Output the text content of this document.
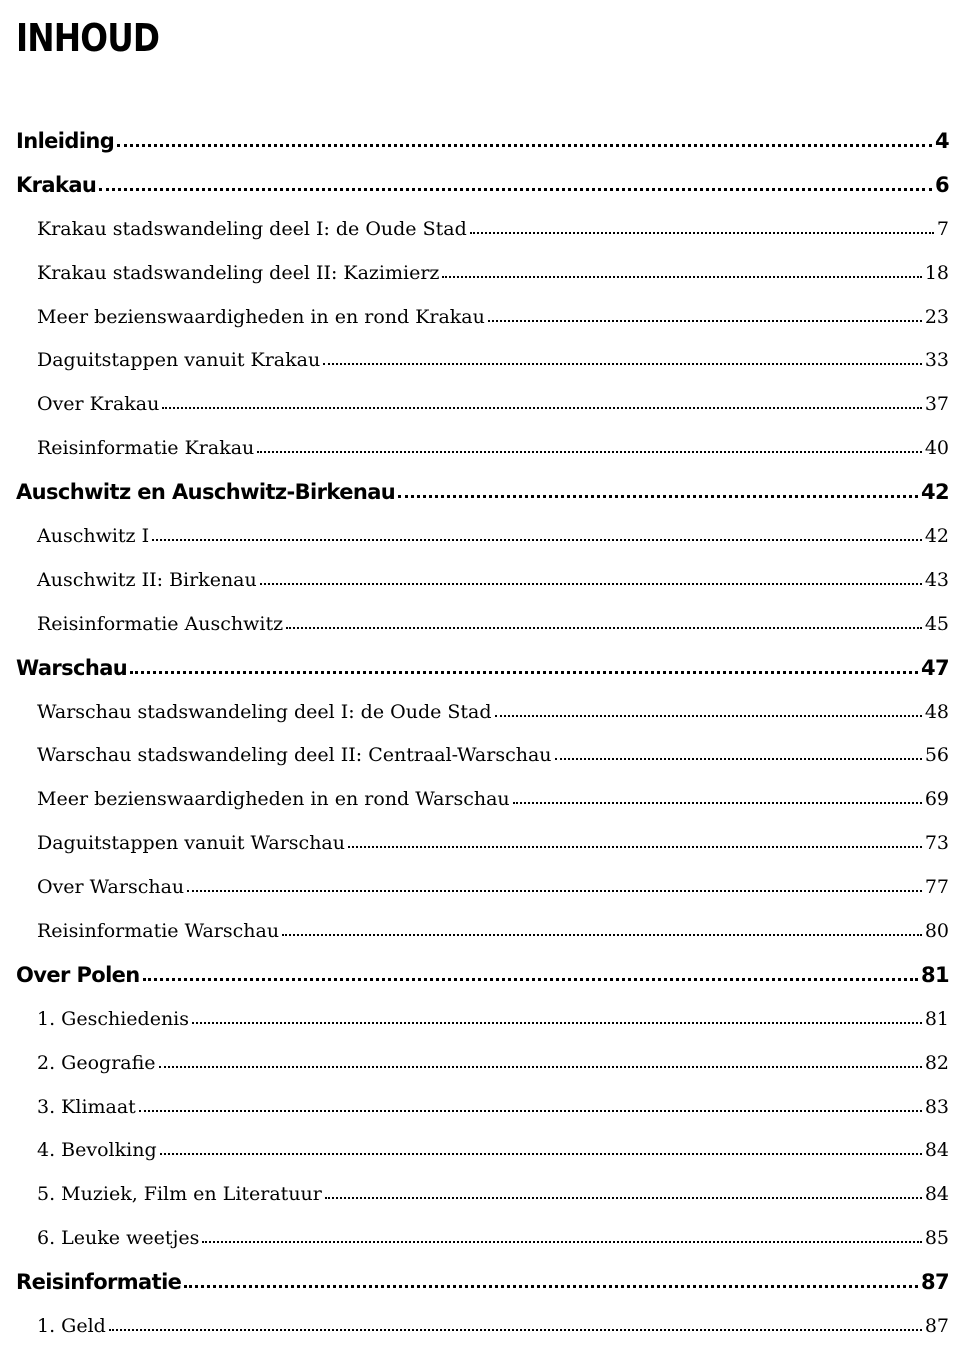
INHOUD
Inleiding	4
Krakau	6
Krakau stadswandeling deel I: de Oude Stad	7
Krakau stadswandeling deel II: Kazimierz	18
Meer bezienswaardigheden in en rond Krakau	23
Daguitstappen vanuit Krakau	33
Over Krakau	37
Reisinformatie Krakau	40
Auschwitz en Auschwitz-Birkenau	42
Auschwitz I	42
Auschwitz II: Birkenau	43
Reisinformatie Auschwitz	45
Warschau	47
Warschau stadswandeling deel I: de Oude Stad	48
Warschau stadswandeling deel II: Centraal-Warschau	56
Meer bezienswaardigheden in en rond Warschau	69
Daguitstappen vanuit Warschau	73
Over Warschau	77
Reisinformatie Warschau	80
Over Polen	81
1. Geschiedenis	81
2. Geografie	82
3. Klimaat	83
4. Bevolking	84
5. Muziek, Film en Literatuur	84
6. Leuke weetjes	85
Reisinformatie	87
1. Geld	87
